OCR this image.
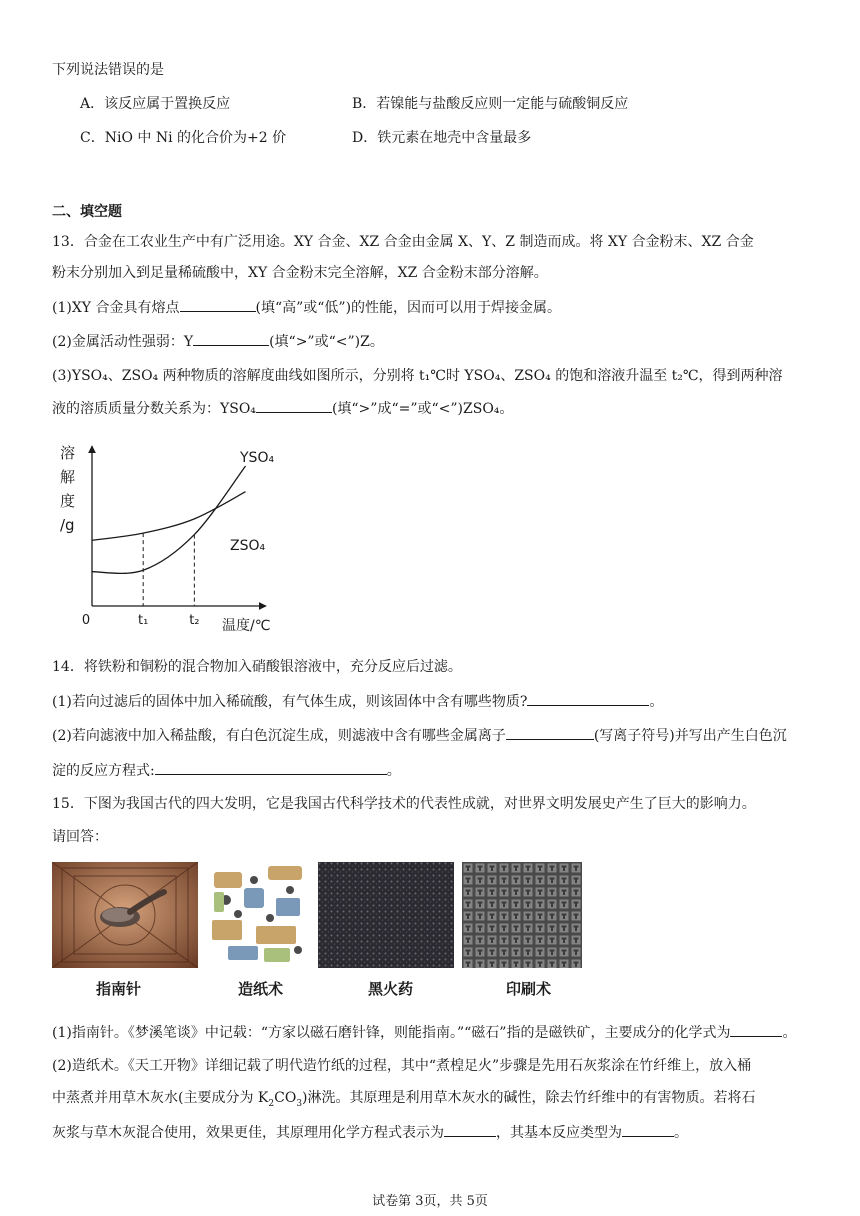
下列说法错误的是
A．该反应属于置换反应	B．若镍能与盐酸反应则一定能与硫酸铜反应
C．NiO 中 Ni 的化合价为+2 价	D．铁元素在地壳中含量最多
二、填空题
13．合金在工农业生产中有广泛用途。XY 合金、XZ 合金由金属 X、Y、Z 制造而成。将 XY 合金粉末、XZ 合金
粉末分别加入到足量稀硫酸中，XY 合金粉末完全溶解，XZ 合金粉末部分溶解。
(1)XY 合金具有熔点	(填“高”或“低”)的性能，因而可以用于焊接金属。
(2)金属活动性强弱：Y	(填“>”或“<”)Z。
(3)YSO₄、ZSO₄ 两种物质的溶解度曲线如图所示，分别将 t₁℃时 YSO₄、ZSO₄ 的饱和溶液升温至 t₂℃，得到两种溶
液的溶质质量分数关系为：YSO₄	(填“>”成“=”或“<”)ZSO₄。
溶
解
度
/g
温度/℃
0	t₁	t₂
YSO₄
ZSO₄
14．将铁粉和铜粉的混合物加入硝酸银溶液中，充分反应后过滤。
(1)若向过滤后的固体中加入稀硫酸，有气体生成，则该固体中含有哪些物质?	。
(2)若向滤液中加入稀盐酸，有白色沉淀生成，则滤液中含有哪些金属离子	(写离子符号)并写出产生白色沉
淀的反应方程式:	。
15．下图为我国古代的四大发明，它是我国古代科学技术的代表性成就，对世界文明发展史产生了巨大的影响力。
请回答：
指南针	造纸术	黑火药	印刷术
(1)指南针。《梦溪笔谈》中记载：“方家以磁石磨针锋，则能指南。”“磁石”指的是磁铁矿，主要成分的化学式为	。
(2)造纸术。《天工开物》详细记载了明代造竹纸的过程，其中“煮楻足火”步骤是先用石灰浆涂在竹纤维上，放入桶
中蒸煮并用草木灰水(主要成分为 $K_2CO_3$)淋洗。其原理是利用草木灰水的碱性，除去竹纤维中的有害物质。若将石
灰浆与草木灰混合使用，效果更佳，其原理用化学方程式表示为	，其基本反应类型为	。
试卷第 3页，共 5页
